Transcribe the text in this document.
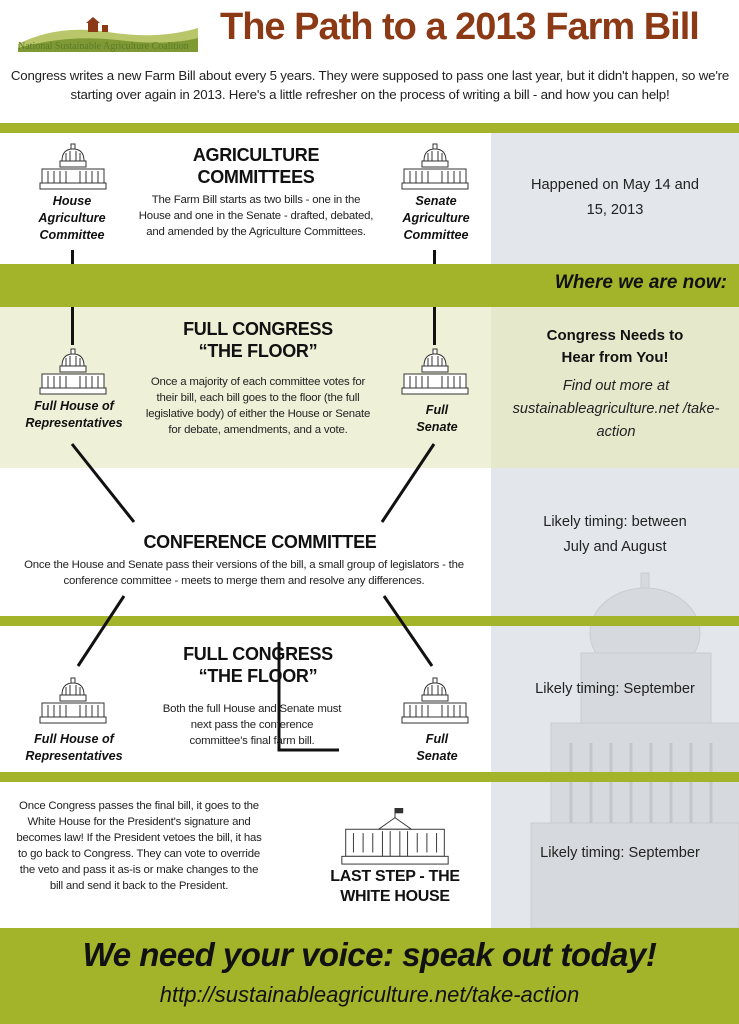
National Sustainable Agriculture Coalition The Path to a 2013 Farm Bill
Congress writes a new Farm Bill about every 5 years. They were supposed to pass one last year, but it didn't happen, so we're starting over again in 2013. Here's a little refresher on the process of writing a bill - and how you can help!
Where we are now:
House Agriculture Committee
Senate Agriculture Committee
AGRICULTURE COMMITTEES
The Farm Bill starts as two bills - one in the House and one in the Senate - drafted, debated, and amended by the Agriculture Committees.
Happened on May 14 and 15, 2013
Full House of Representatives
Full Senate
FULL CONGRESS “THE FLOOR”
Once a majority of each committee votes for their bill, each bill goes to the floor (the full legislative body) of either the House or Senate for debate, amendments, and a vote.
Congress Needs to Hear from You!
Find out more at sustainableagriculture.net /take-action
CONFERENCE COMMITTEE
Once the House and Senate pass their versions of the bill, a small group of legislators - the conference committee - meets to merge them and resolve any differences.
Likely timing: between July and August
Full House of Representatives
Full Senate
FULL CONGRESS “THE FLOOR”
Both the full House and Senate must next pass the conference committee's final farm bill.
Likely timing: September
Once Congress passes the final bill, it goes to the White House for the President's signature and becomes law! If the President vetoes the bill, it has to go back to Congress. They can vote to override the veto and pass it as-is or make changes to the bill and send it back to the President.
LAST STEP - THE WHITE HOUSE
Likely timing: September
We need your voice: speak out today!
http://sustainableagriculture.net/take-action
